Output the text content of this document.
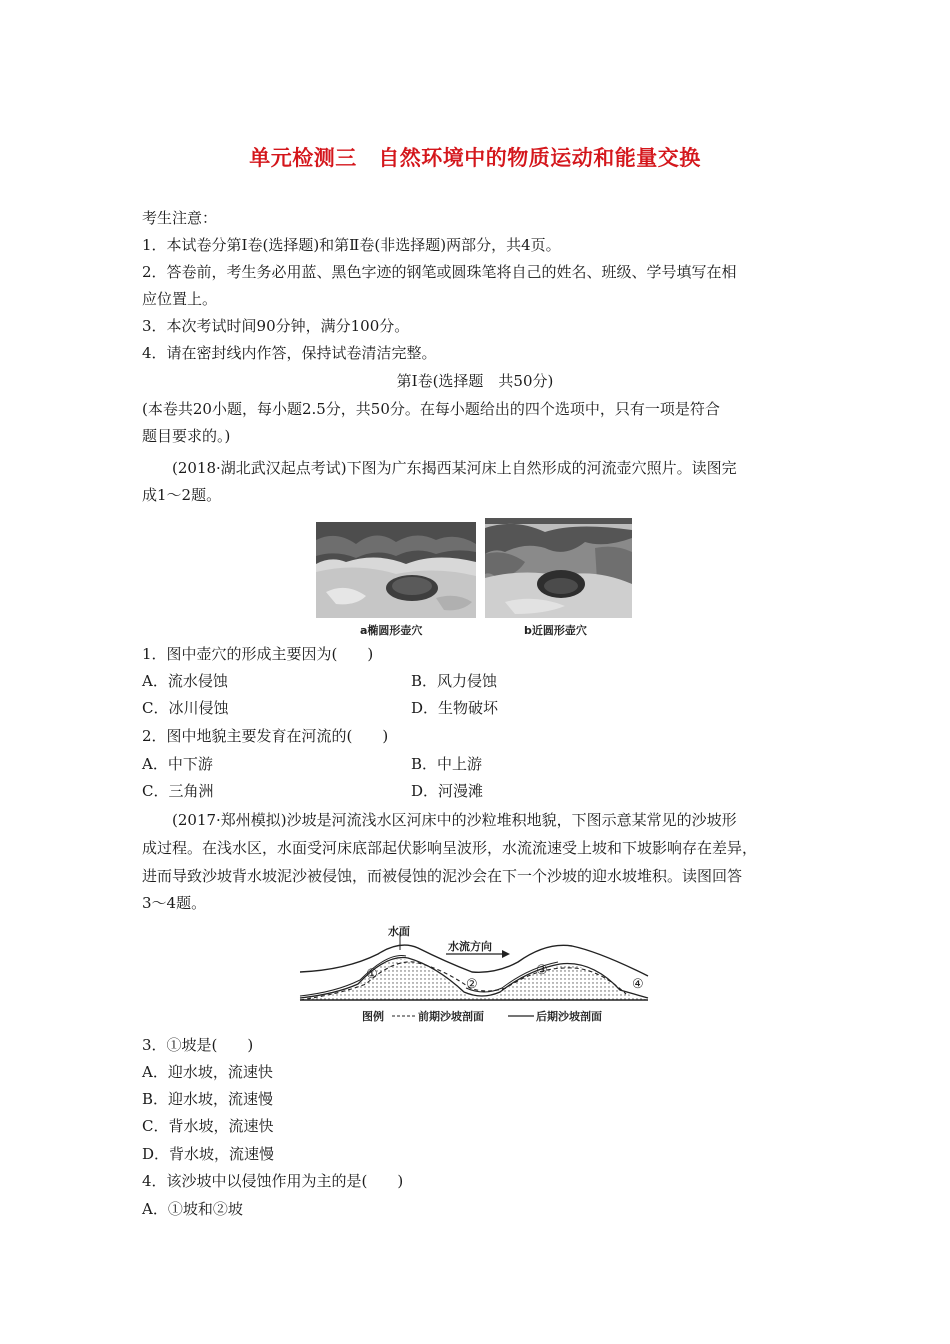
单元检测三　自然环境中的物质运动和能量交换
考生注意：
1．本试卷分第Ⅰ卷(选择题)和第Ⅱ卷(非选择题)两部分，共4页。
2．答卷前，考生务必用蓝、黑色字迹的钢笔或圆珠笔将自己的姓名、班级、学号填写在相
应位置上。
3．本次考试时间90分钟，满分100分。
4．请在密封线内作答，保持试卷清洁完整。
第Ⅰ卷(选择题　共50分)
(本卷共20小题，每小题2.5分，共50分。在每小题给出的四个选项中，只有一项是符合
题目要求的。)
　　(2018·湖北武汉起点考试)下图为广东揭西某河床上自然形成的河流壶穴照片。读图完
成1～2题。
a椭圆形壶穴	b近圆形壶穴
1．图中壶穴的形成主要因为(　　)
A．流水侵蚀	B．风力侵蚀
C．冰川侵蚀	D．生物破坏
2．图中地貌主要发育在河流的(　　)
A．中下游	B．中上游
C．三角洲	D．河漫滩
　　(2017·郑州模拟)沙坡是河流浅水区河床中的沙粒堆积地貌，下图示意某常见的沙坡形
成过程。在浅水区，水面受河床底部起伏影响呈波形，水流流速受上坡和下坡影响存在差异，
进而导致沙坡背水坡泥沙被侵蚀，而被侵蚀的泥沙会在下一个沙坡的迎水坡堆积。读图回答
3～4题。
水面
水流方向
①
②
③
④
图例	前期沙坡剖面	后期沙坡剖面
3．①坡是(　　)
A．迎水坡，流速快
B．迎水坡，流速慢
C．背水坡，流速快
D．背水坡，流速慢
4．该沙坡中以侵蚀作用为主的是(　　)
A．①坡和②坡
